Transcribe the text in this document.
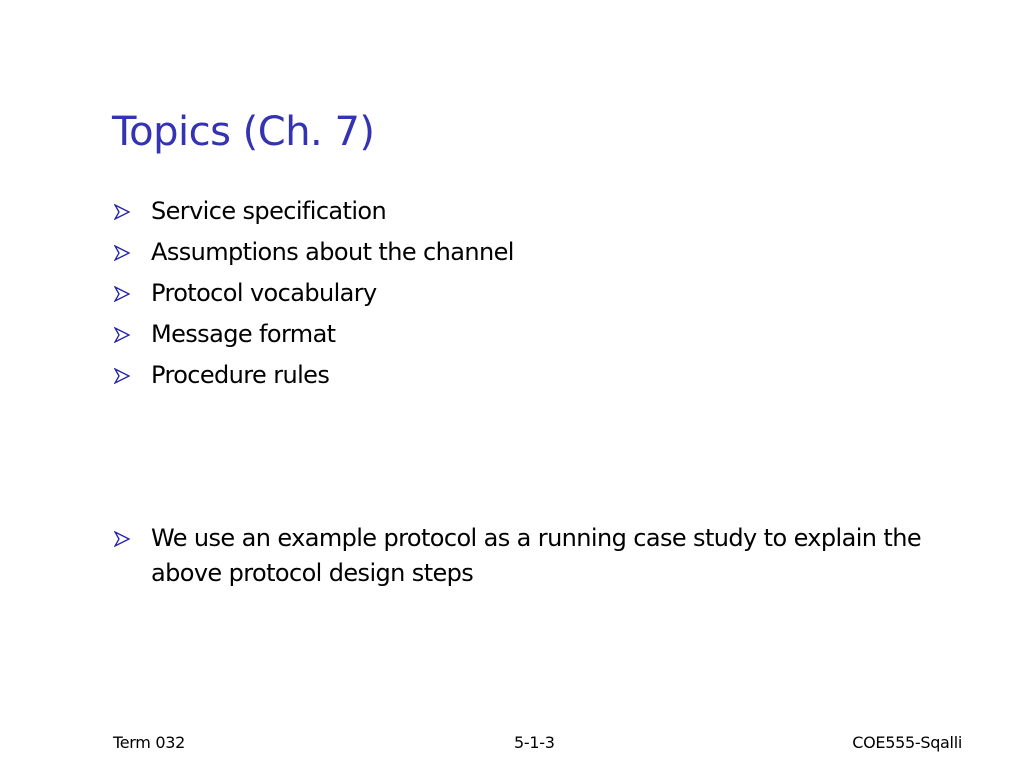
Topics (Ch. 7)
Service specification
Assumptions about the channel
Protocol vocabulary
Message format
Procedure rules
We use an example protocol as a running case study to explain the above protocol design steps
Term 032	5-1-3	COE555-Sqalli
